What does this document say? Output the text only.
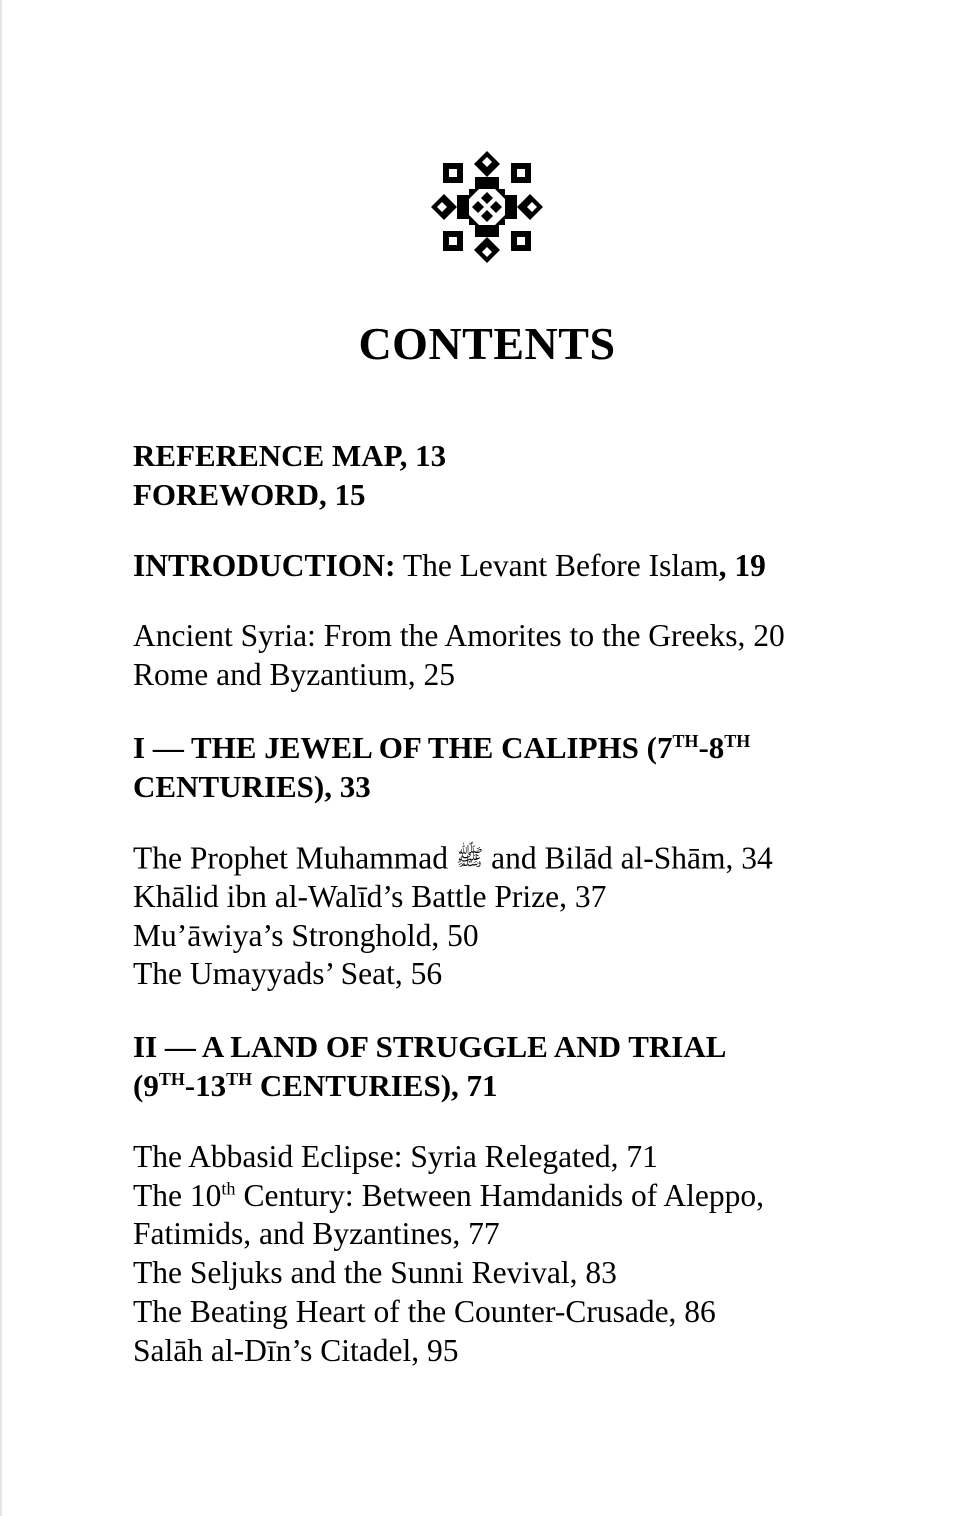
CONTENTS

REFERENCE MAP, 13

FOREWORD, 15

INTRODUCTION: The Levant Before Islam, 19

Ancient Syria: From the Amorites to the Greeks, 20

Rome and Byzantium, 25

I — THE JEWEL OF THE CALIPHS (7TH-8TH
CENTURIES), 33

The Prophet Muhammad ﷺ and Bilād al-Shām, 34

Khālid ibn al-Walīd’s Battle Prize, 37

Mu’āwiya’s Stronghold, 50

The Umayyads’ Seat, 56

II — A LAND OF STRUGGLE AND TRIAL
(9TH-13TH CENTURIES), 71

The Abbasid Eclipse: Syria Relegated, 71

The 10th Century: Between Hamdanids of Aleppo,

Fatimids, and Byzantines, 77

The Seljuks and the Sunni Revival, 83

The Beating Heart of the Counter-Crusade, 86

Salāh al-Dīn’s Citadel, 95
